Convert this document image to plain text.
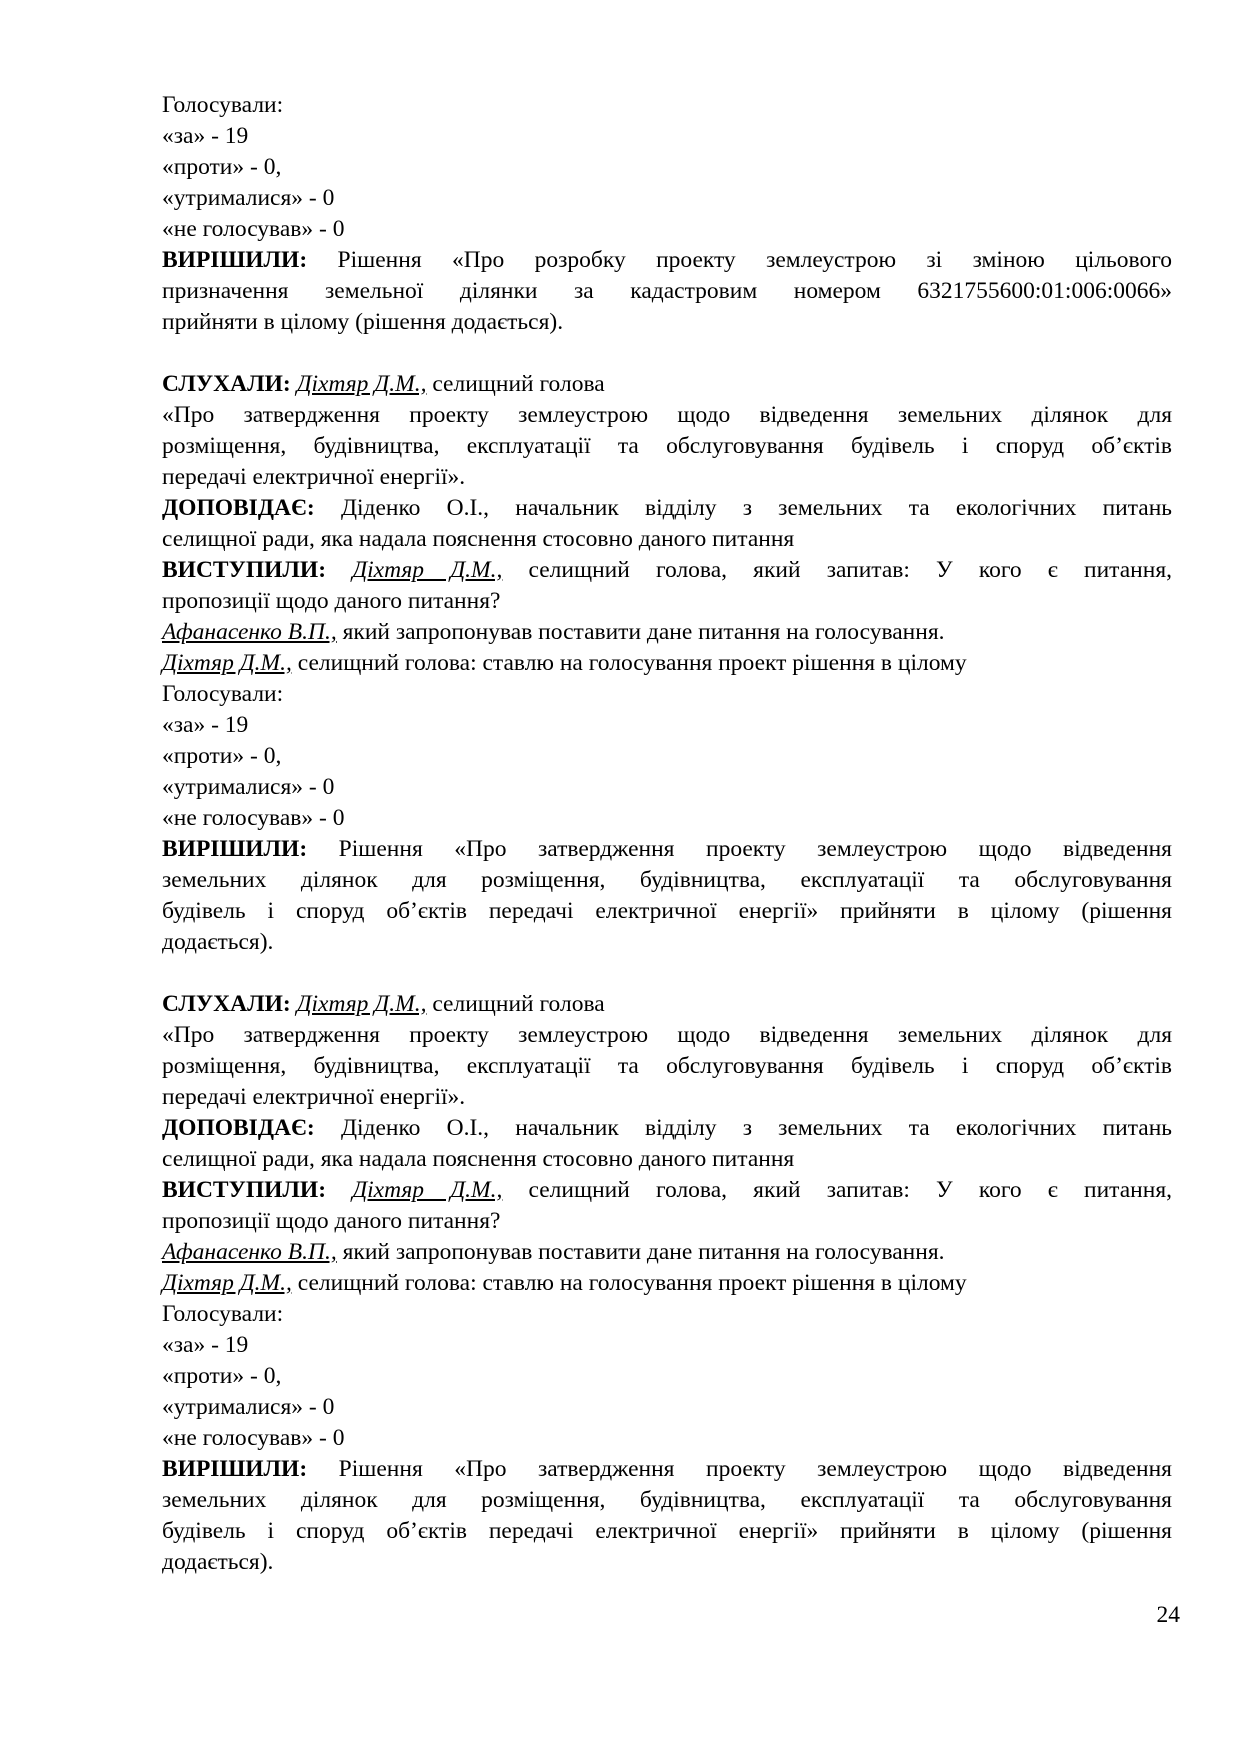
Голосували:
«за» - 19
«проти» - 0,
«утрималися» - 0
«не голосував» - 0
ВИРІШИЛИ: Рішення «Про розробку проекту землеустрою зі зміною цільового
призначення земельної ділянки за кадастровим номером 6321755600:01:006:0066»
прийняти в цілому (рішення додається).
СЛУХАЛИ: Діхтяр Д.М., селищний голова
«Про затвердження проекту землеустрою щодо відведення земельних ділянок для
розміщення, будівництва, експлуатації та обслуговування будівель і споруд об’єктів
передачі електричної енергії».
ДОПОВІДАЄ: Діденко О.І., начальник відділу з земельних та екологічних питань
селищної ради, яка надала пояснення стосовно даного питання
ВИСТУПИЛИ: Діхтяр Д.М., селищний голова, який запитав: У кого є питання,
пропозиції щодо даного питання?
Афанасенко В.П., який запропонував поставити дане питання на голосування.
Діхтяр Д.М., селищний голова: ставлю на голосування проект рішення в цілому
Голосували:
«за» - 19
«проти» - 0,
«утрималися» - 0
«не голосував» - 0
ВИРІШИЛИ: Рішення «Про затвердження проекту землеустрою щодо відведення
земельних ділянок для розміщення, будівництва, експлуатації та обслуговування
будівель і споруд об’єктів передачі електричної енергії» прийняти в цілому (рішення
додається).
СЛУХАЛИ: Діхтяр Д.М., селищний голова
«Про затвердження проекту землеустрою щодо відведення земельних ділянок для
розміщення, будівництва, експлуатації та обслуговування будівель і споруд об’єктів
передачі електричної енергії».
ДОПОВІДАЄ: Діденко О.І., начальник відділу з земельних та екологічних питань
селищної ради, яка надала пояснення стосовно даного питання
ВИСТУПИЛИ: Діхтяр Д.М., селищний голова, який запитав: У кого є питання,
пропозиції щодо даного питання?
Афанасенко В.П., який запропонував поставити дане питання на голосування.
Діхтяр Д.М., селищний голова: ставлю на голосування проект рішення в цілому
Голосували:
«за» - 19
«проти» - 0,
«утрималися» - 0
«не голосував» - 0
ВИРІШИЛИ: Рішення «Про затвердження проекту землеустрою щодо відведення
земельних ділянок для розміщення, будівництва, експлуатації та обслуговування
будівель і споруд об’єктів передачі електричної енергії» прийняти в цілому (рішення
додається).
24
